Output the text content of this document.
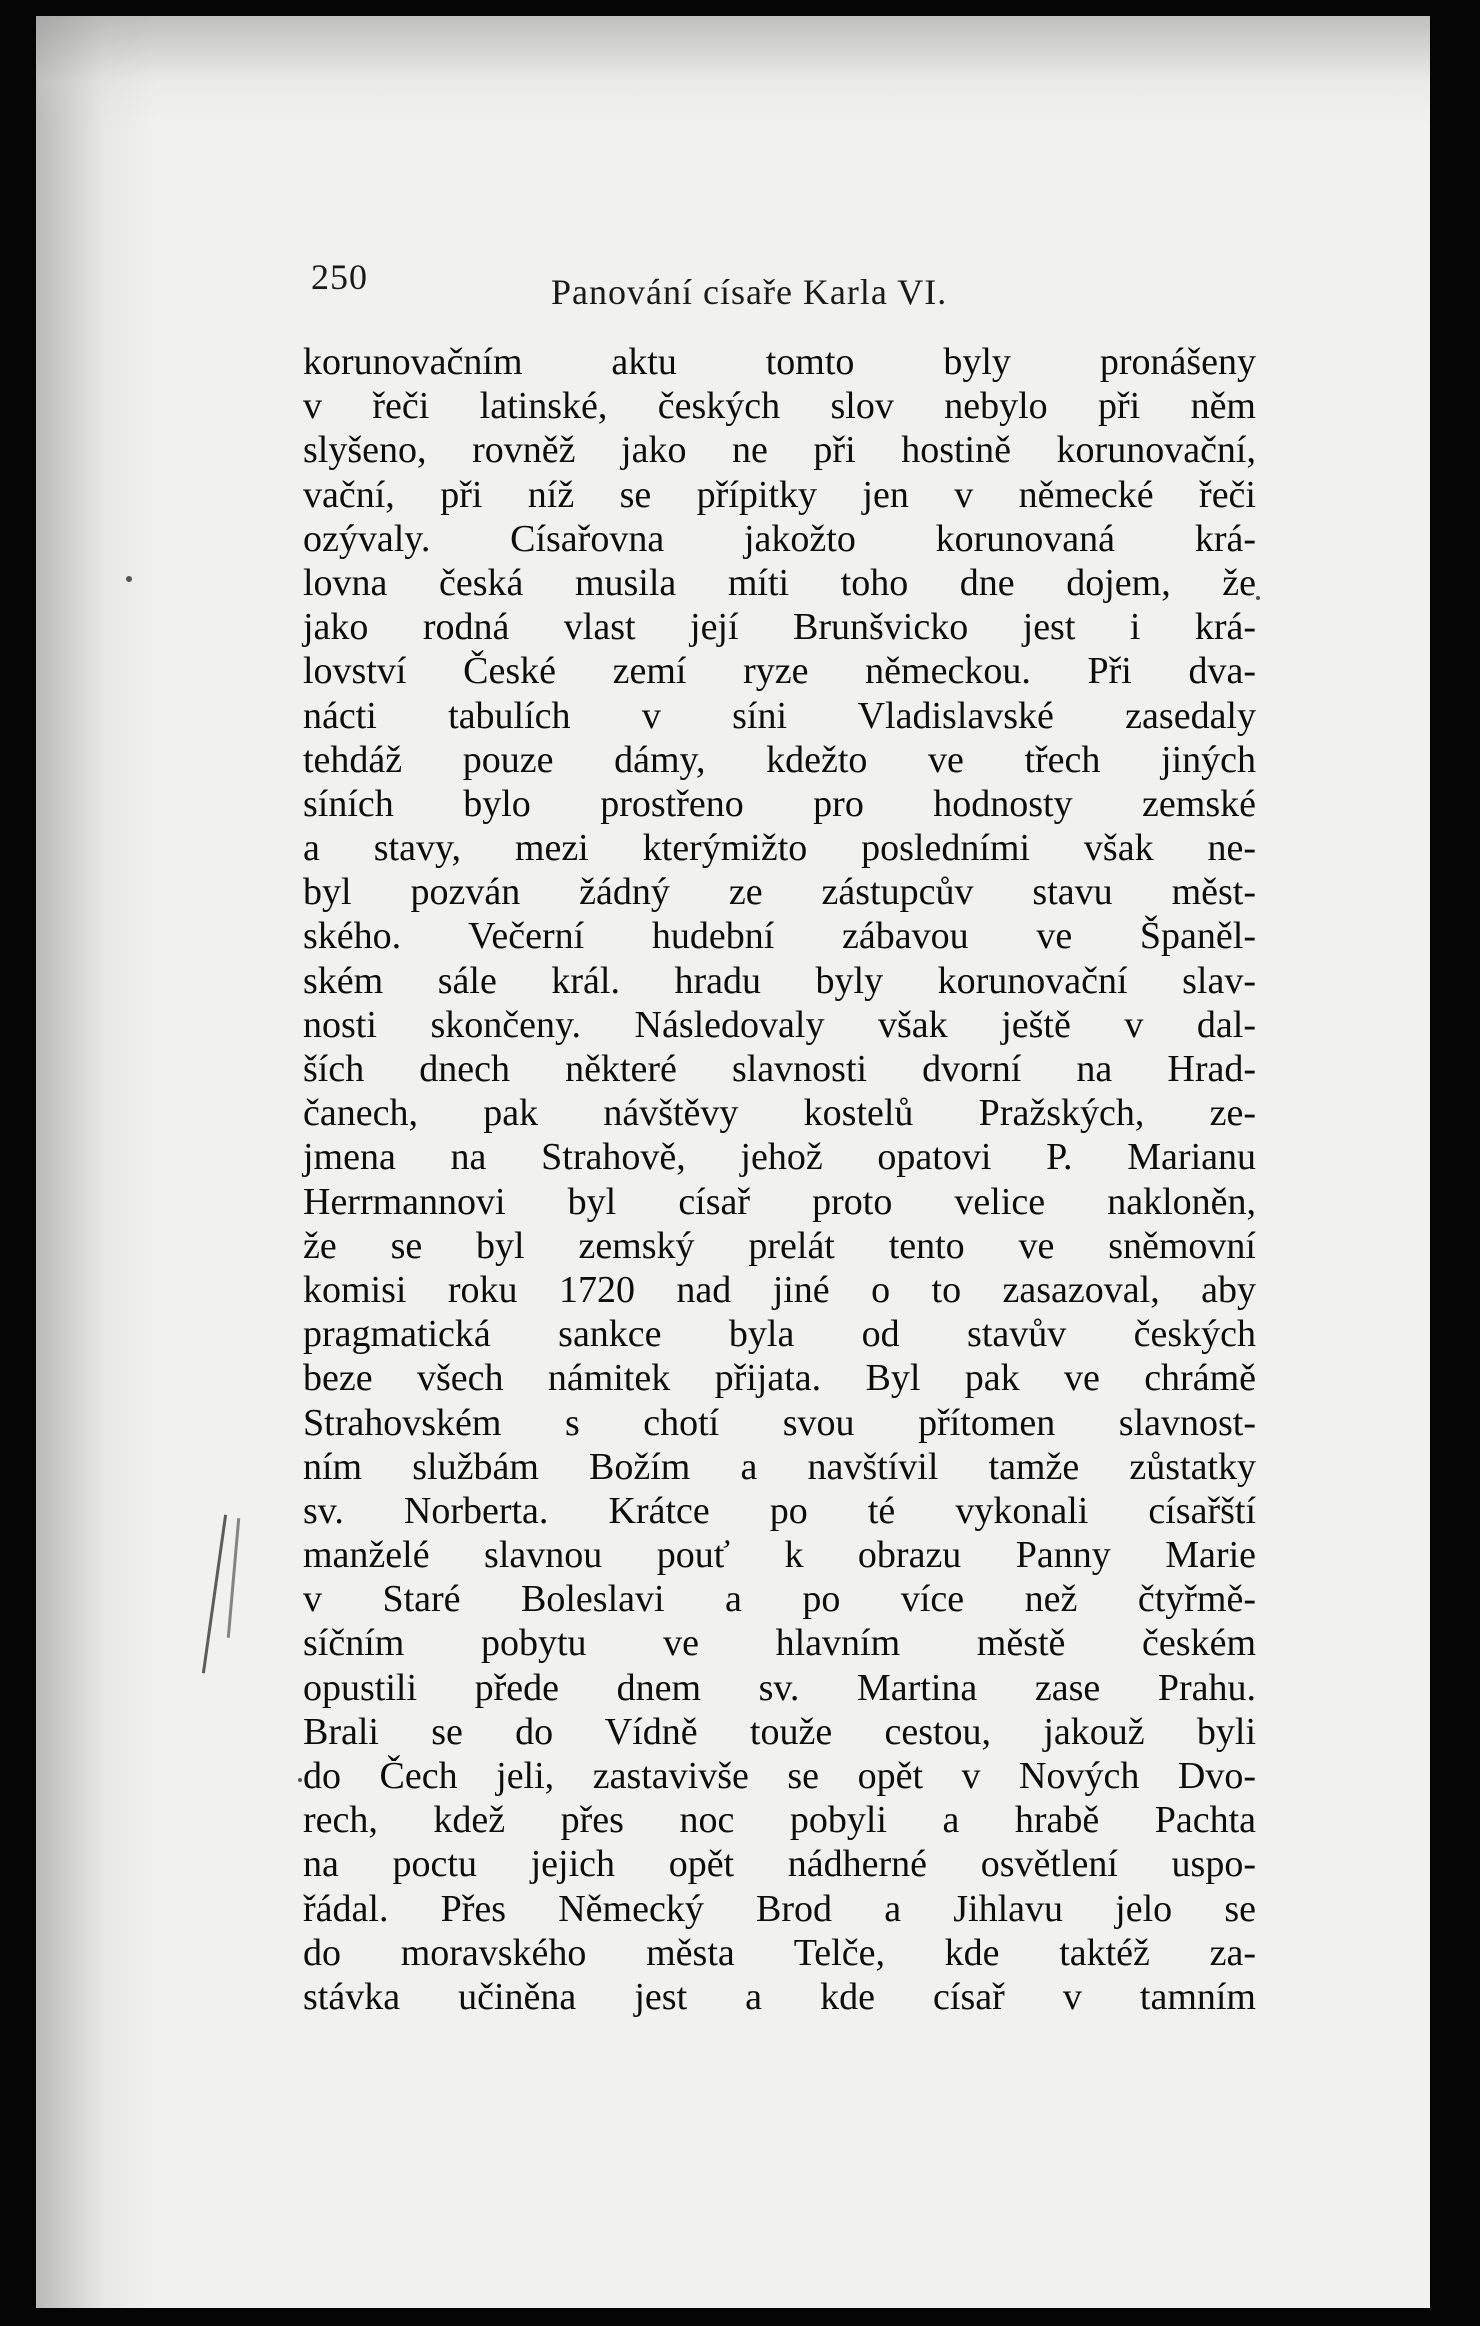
250	Panování císaře Karla VI.
korunovačním aktu tomto byly pronášeny
v řeči latinské, českých slov nebylo při něm
slyšeno, rovněž jako ne při hostině korunovační,
vační, při níž se přípitky jen v německé řeči
ozývaly. Císařovna jakožto korunovaná krá-
lovna česká musila míti toho dne dojem, že
jako rodná vlast její Brunšvicko jest i krá-
lovství České zemí ryze německou. Při dva-
nácti tabulích v síni Vladislavské zasedaly
tehdáž pouze dámy, kdežto ve třech jiných
síních bylo prostřeno pro hodnosty zemské
a stavy, mezi kterýmižto posledními však ne-
byl pozván žádný ze zástupcův stavu měst-
ského. Večerní hudební zábavou ve Španěl-
ském sále král. hradu byly korunovační slav-
nosti skončeny. Následovaly však ještě v dal-
ších dnech některé slavnosti dvorní na Hrad-
čanech, pak návštěvy kostelů Pražských, ze-
jmena na Strahově, jehož opatovi P. Marianu
Herrmannovi byl císař proto velice nakloněn,
že se byl zemský prelát tento ve sněmovní
komisi roku 1720 nad jiné o to zasazoval, aby
pragmatická sankce byla od stavův českých
beze všech námitek přijata. Byl pak ve chrámě
Strahovském s chotí svou přítomen slavnost-
ním službám Božím a navštívil tamže zůstatky
sv. Norberta. Krátce po té vykonali císařští
manželé slavnou pouť k obrazu Panny Marie
v Staré Boleslavi a po více než čtyřmě-
síčním pobytu ve hlavním městě českém
opustili přede dnem sv. Martina zase Prahu.
Brali se do Vídně touže cestou, jakouž byli
do Čech jeli, zastavivše se opět v Nových Dvo-
rech, kdež přes noc pobyli a hrabě Pachta
na poctu jejich opět nádherné osvětlení uspo-
řádal. Přes Německý Brod a Jihlavu jelo se
do moravského města Telče, kde taktéž za-
stávka učiněna jest a kde císař v tamním
